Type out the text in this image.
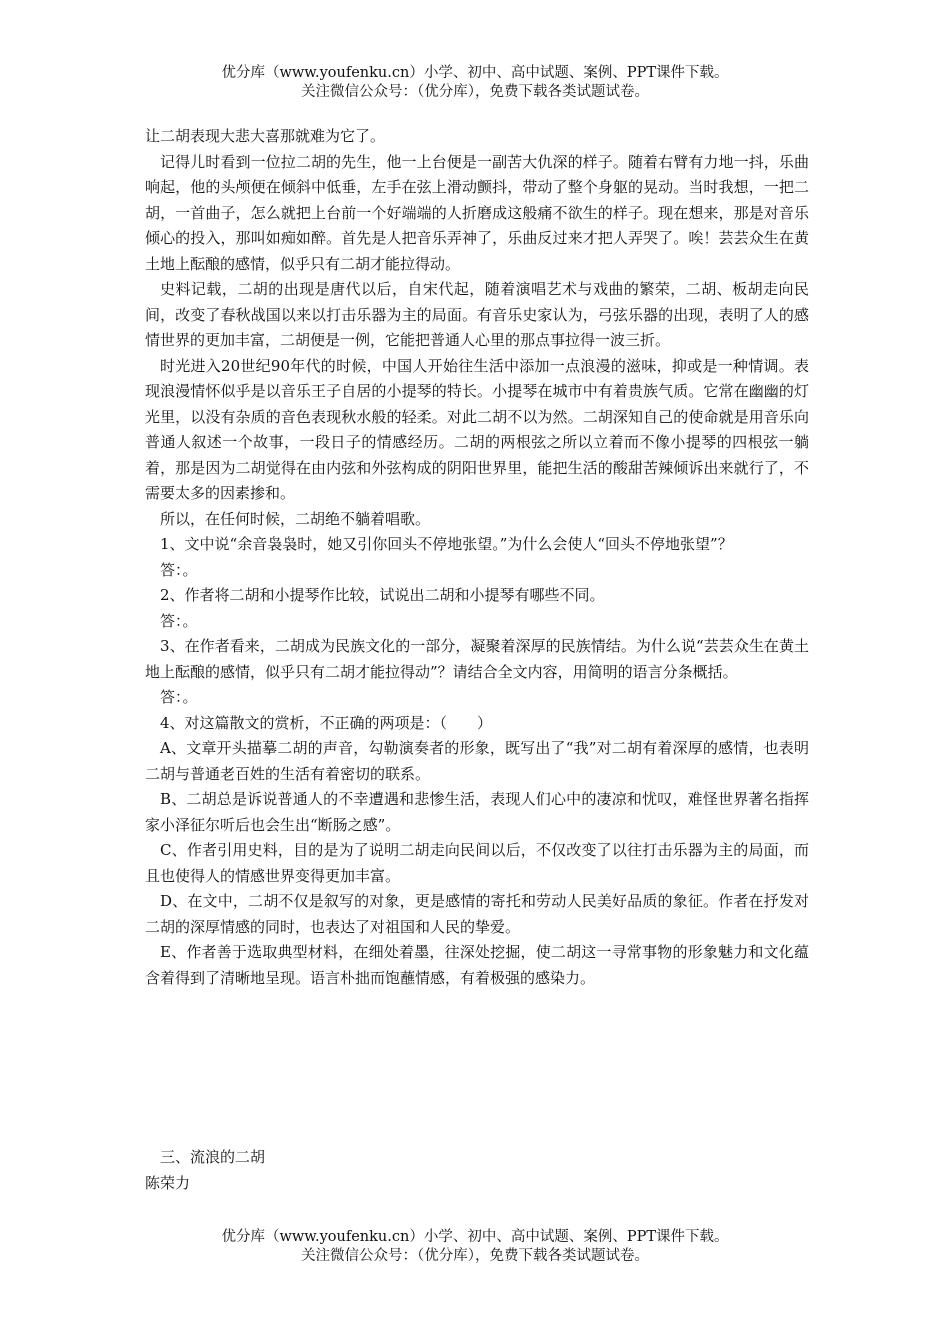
优分库（www.youfenku.cn）小学、初中、高中试题、案例、PPT课件下载。
关注微信公众号：（优分库），免费下载各类试题试卷。

让二胡表现大悲大喜那就难为它了。

记得儿时看到一位拉二胡的先生，他一上台便是一副苦大仇深的样子。随着右臂有力地一抖，乐曲响起，他的头颅便在倾斜中低垂，左手在弦上滑动颤抖，带动了整个身躯的晃动。当时我想，一把二胡，一首曲子，怎么就把上台前一个好端端的人折磨成这般痛不欲生的样子。现在想来，那是对音乐倾心的投入，那叫如痴如醉。首先是人把音乐弄神了，乐曲反过来才把人弄哭了。唉！芸芸众生在黄土地上酝酿的感情，似乎只有二胡才能拉得动。

史料记载，二胡的出现是唐代以后，自宋代起，随着演唱艺术与戏曲的繁荣，二胡、板胡走向民间，改变了春秋战国以来以打击乐器为主的局面。有音乐史家认为，弓弦乐器的出现，表明了人的感情世界的更加丰富，二胡便是一例，它能把普通人心里的那点事拉得一波三折。

时光进入20世纪90年代的时候，中国人开始往生活中添加一点浪漫的滋味，抑或是一种情调。表现浪漫情怀似乎是以音乐王子自居的小提琴的特长。小提琴在城市中有着贵族气质。它常在幽幽的灯光里，以没有杂质的音色表现秋水般的轻柔。对此二胡不以为然。二胡深知自己的使命就是用音乐向普通人叙述一个故事，一段日子的情感经历。二胡的两根弦之所以立着而不像小提琴的四根弦一躺着，那是因为二胡觉得在由内弦和外弦构成的阴阳世界里，能把生活的酸甜苦辣倾诉出来就行了，不需要太多的因素掺和。

所以，在任何时候，二胡绝不躺着唱歌。

1、文中说“余音袅袅时，她又引你回头不停地张望。”为什么会使人“回头不停地张望”？

答：。

2、作者将二胡和小提琴作比较，试说出二胡和小提琴有哪些不同。

答：。

3、在作者看来，二胡成为民族文化的一部分，凝聚着深厚的民族情结。为什么说“芸芸众生在黄土地上酝酿的感情，似乎只有二胡才能拉得动”？请结合全文内容，用简明的语言分条概括。

答：。

4、对这篇散文的赏析，不正确的两项是：（　　）

A、文章开头描摹二胡的声音，勾勒演奏者的形象，既写出了“我”对二胡有着深厚的感情，也表明二胡与普通老百姓的生活有着密切的联系。

B、二胡总是诉说普通人的不幸遭遇和悲惨生活，表现人们心中的凄凉和忧叹，难怪世界著名指挥家小泽征尔听后也会生出“断肠之感”。

C、作者引用史料，目的是为了说明二胡走向民间以后，不仅改变了以往打击乐器为主的局面，而且也使得人的情感世界变得更加丰富。

D、在文中，二胡不仅是叙写的对象，更是感情的寄托和劳动人民美好品质的象征。作者在抒发对二胡的深厚情感的同时，也表达了对祖国和人民的挚爱。

E、作者善于选取典型材料，在细处着墨，往深处挖掘，使二胡这一寻常事物的形象魅力和文化蕴含着得到了清晰地呈现。语言朴拙而饱蘸情感，有着极强的感染力。

三、流浪的二胡

陈荣力

优分库（www.youfenku.cn）小学、初中、高中试题、案例、PPT课件下载。
关注微信公众号：（优分库），免费下载各类试题试卷。
